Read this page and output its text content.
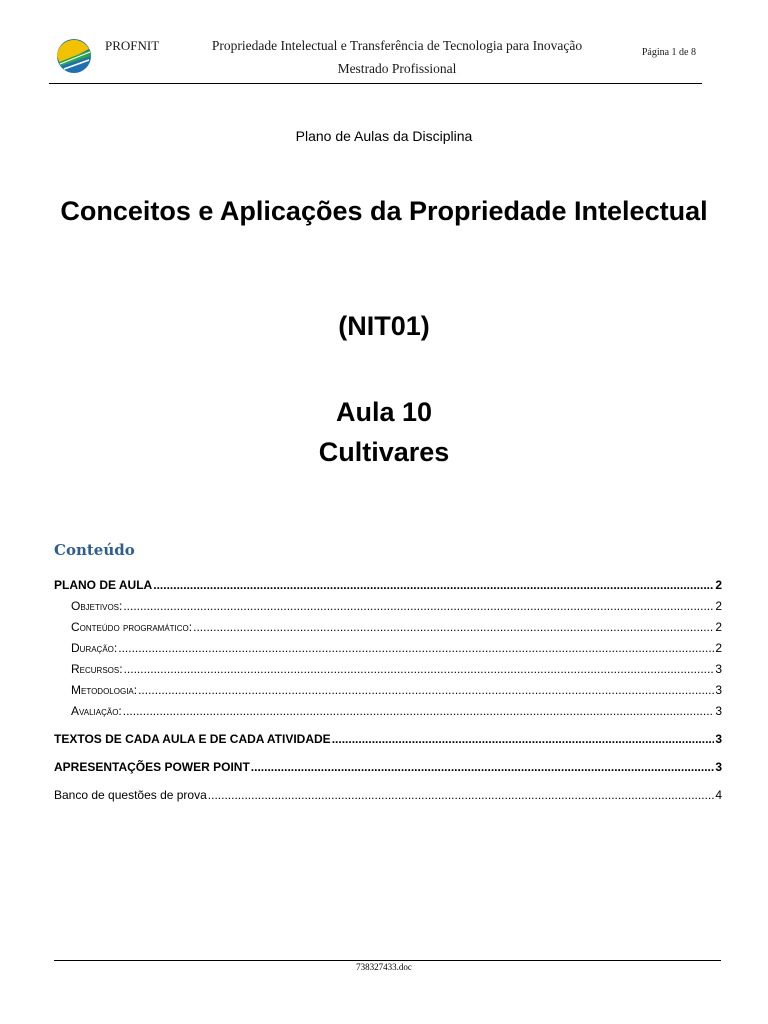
PROFNIT	Propriedade Intelectual e Transferência de Tecnologia para Inovação
Mestrado Profissional
Página 1 de 8
Plano de Aulas da Disciplina
Conceitos e Aplicações da Propriedade Intelectual
(NIT01)
Aula 10
Cultivares
Conteúdo
PLANO DE AULA .....	2
Objetivos: .....	2
Conteúdo programático: .....	2
Duração: .....	2
Recursos: .....	3
Metodologia: .....	3
Avaliação: .....	3
TEXTOS DE CADA AULA E DE CADA ATIVIDADE .....	3
APRESENTAÇÕES POWER POINT .....	3
Banco de questões de prova .....	4
738327433.doc
